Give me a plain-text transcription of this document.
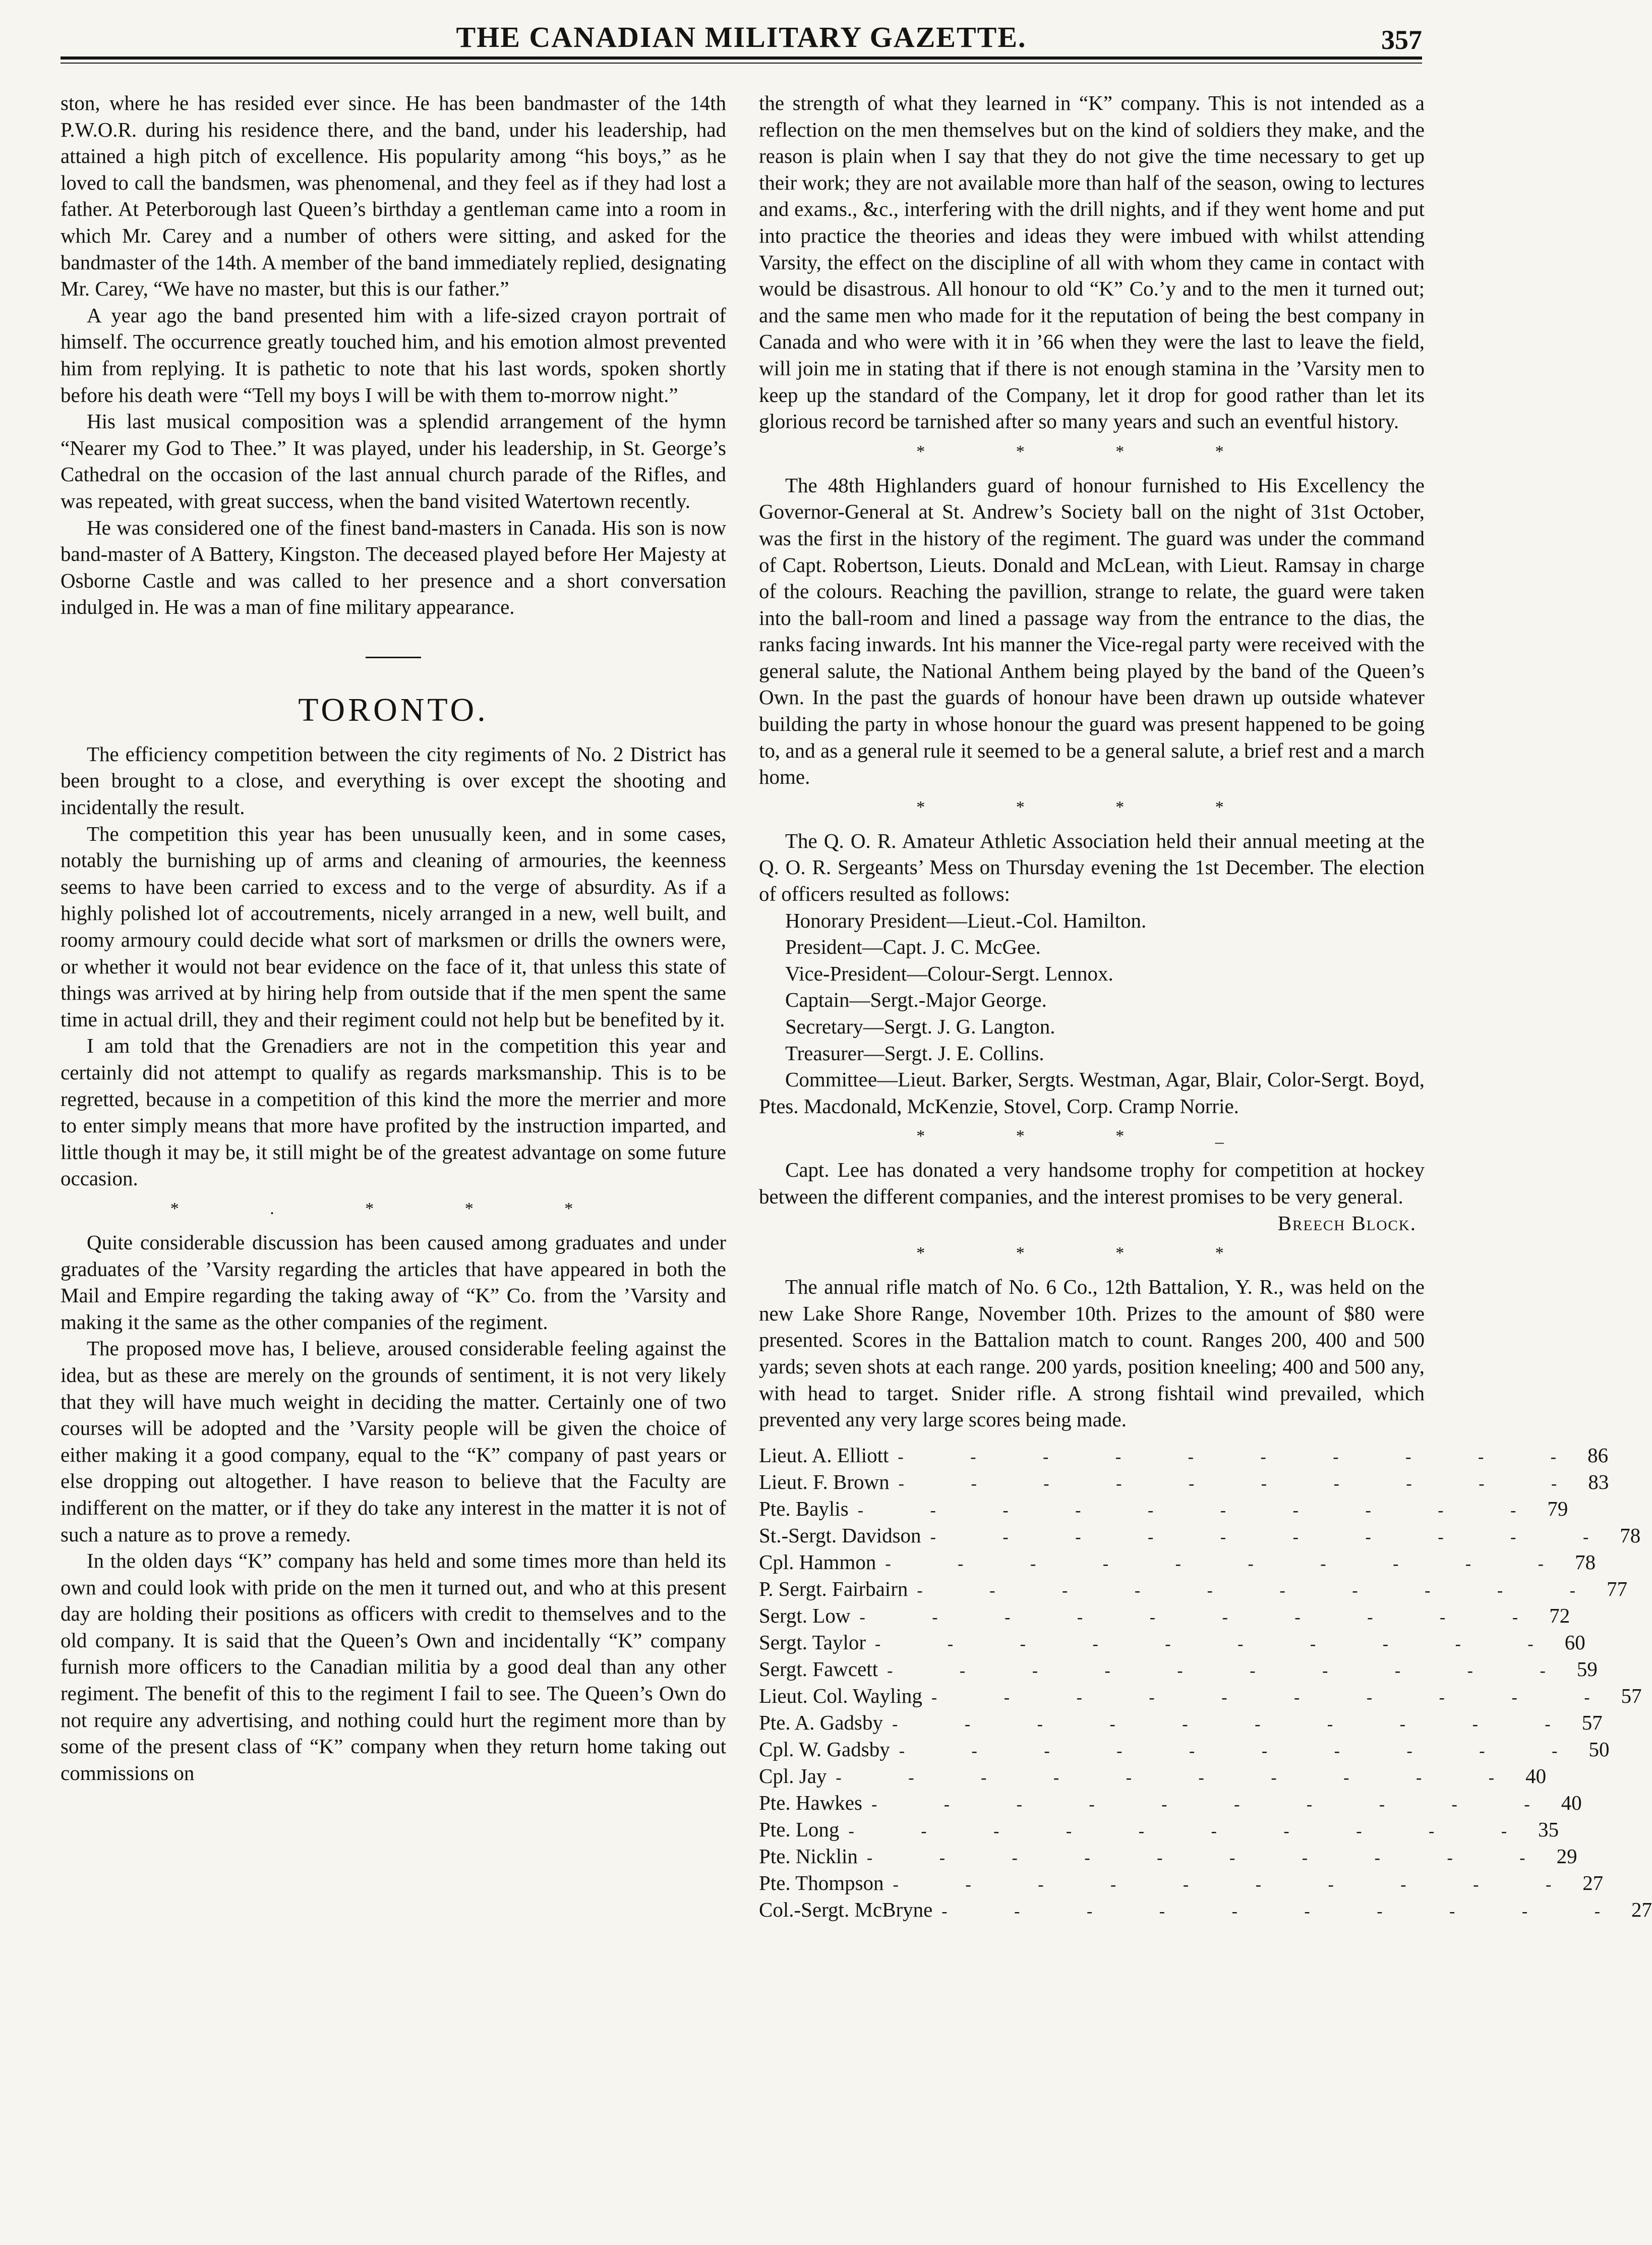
THE CANADIAN MILITARY GAZETTE.	357

ston, where he has resided ever since. He has been bandmaster of the 14th P.W.O.R. during his residence there, and the band, under his leadership, had attained a high pitch of excellence. His popularity among “his boys,” as he loved to call the bandsmen, was phenomenal, and they feel as if they had lost a father. At Peterborough last Queen’s birthday a gentleman came into a room in which Mr. Carey and a number of others were sitting, and asked for the bandmaster of the 14th. A member of the band immediately replied, designating Mr. Carey, “We have no master, but this is our father.”

A year ago the band presented him with a life-sized crayon portrait of himself. The occurrence greatly touched him, and his emotion almost prevented him from replying. It is pathetic to note that his last words, spoken shortly before his death were “Tell my boys I will be with them to-morrow night.”

His last musical composition was a splendid arrangement of the hymn “Nearer my God to Thee.” It was played, under his leadership, in St. George’s Cathedral on the occasion of the last annual church parade of the Rifles, and was repeated, with great success, when the band visited Watertown recently.

He was considered one of the finest band-masters in Canada. His son is now band-master of A Battery, Kingston. The deceased played before Her Majesty at Osborne Castle and was called to her presence and a short conversation indulged in. He was a man of fine military appearance.

TORONTO.

The efficiency competition between the city regiments of No. 2 District has been brought to a close, and everything is over except the shooting and incidentally the result.

The competition this year has been unusually keen, and in some cases, notably the burnishing up of arms and cleaning of armouries, the keenness seems to have been carried to excess and to the verge of absurdity. As if a highly polished lot of accoutrements, nicely arranged in a new, well built, and roomy armoury could decide what sort of marksmen or drills the owners were, or whether it would not bear evidence on the face of it, that unless this state of things was arrived at by hiring help from outside that if the men spent the same time in actual drill, they and their regiment could not help but be benefited by it.

I am told that the Grenadiers are not in the competition this year and certainly did not attempt to qualify as regards marksmanship. This is to be regretted, because in a competition of this kind the more the merrier and more to enter simply means that more have profited by the instruction imparted, and little though it may be, it still might be of the greatest advantage on some future occasion.

* . * * *

Quite considerable discussion has been caused among graduates and under graduates of the ’Varsity regarding the articles that have appeared in both the Mail and Empire regarding the taking away of “K” Co. from the ’Varsity and making it the same as the other companies of the regiment.

The proposed move has, I believe, aroused considerable feeling against the idea, but as these are merely on the grounds of sentiment, it is not very likely that they will have much weight in deciding the matter. Certainly one of two courses will be adopted and the ’Varsity people will be given the choice of either making it a good company, equal to the “K” company of past years or else dropping out altogether. I have reason to believe that the Faculty are indifferent on the matter, or if they do take any interest in the matter it is not of such a nature as to prove a remedy.

In the olden days “K” company has held and some times more than held its own and could look with pride on the men it turned out, and who at this present day are holding their positions as officers with credit to themselves and to the old company. It is said that the Queen’s Own and incidentally “K” company furnish more officers to the Canadian militia by a good deal than any other regiment. The benefit of this to the regiment I fail to see. The Queen’s Own do not require any advertising, and nothing could hurt the regiment more than by some of the present class of “K” company when they return home taking out commissions on

the strength of what they learned in “K” company. This is not intended as a reflection on the men themselves but on the kind of soldiers they make, and the reason is plain when I say that they do not give the time necessary to get up their work; they are not available more than half of the season, owing to lectures and exams., &c., interfering with the drill nights, and if they went home and put into practice the theories and ideas they were imbued with whilst attending Varsity, the effect on the discipline of all with whom they came in contact with would be disastrous. All honour to old “K” Co.’y and to the men it turned out; and the same men who made for it the reputation of being the best company in Canada and who were with it in ’66 when they were the last to leave the field, will join me in stating that if there is not enough stamina in the ’Varsity men to keep up the standard of the Company, let it drop for good rather than let its glorious record be tarnished after so many years and such an eventful history.

* * * *

The 48th Highlanders guard of honour furnished to His Excellency the Governor-General at St. Andrew’s Society ball on the night of 31st October, was the first in the history of the regiment. The guard was under the command of Capt. Robertson, Lieuts. Donald and McLean, with Lieut. Ramsay in charge of the colours. Reaching the pavillion, strange to relate, the guard were taken into the ball-room and lined a passage way from the entrance to the dias, the ranks facing inwards. Int his manner the Vice-regal party were received with the general salute, the National Anthem being played by the band of the Queen’s Own. In the past the guards of honour have been drawn up outside whatever building the party in whose honour the guard was present happened to be going to, and as a general rule it seemed to be a general salute, a brief rest and a march home.

* * * *

The Q. O. R. Amateur Athletic Association held their annual meeting at the Q. O. R. Sergeants’ Mess on Thursday evening the 1st December. The election of officers resulted as follows:

Honorary President—Lieut.-Col. Hamilton.

President—Capt. J. C. McGee.

Vice-President—Colour-Sergt. Lennox.

Captain—Sergt.-Major George.

Secretary—Sergt. J. G. Langton.

Treasurer—Sergt. J. E. Collins.

Committee—Lieut. Barker, Sergts. Westman, Agar, Blair, Color-Sergt. Boyd, Ptes. Macdonald, McKenzie, Stovel, Corp. Cramp Norrie.

* * * _

Capt. Lee has donated a very handsome trophy for competition at hockey between the different companies, and the interest promises to be very general.

Breech Block.

* * * *

The annual rifle match of No. 6 Co., 12th Battalion, Y. R., was held on the new Lake Shore Range, November 10th. Prizes to the amount of $80 were presented. Scores in the Battalion match to count. Ranges 200, 400 and 500 yards; seven shots at each range. 200 yards, position kneeling; 400 and 500 any, with head to target. Snider rifle. A strong fishtail wind prevailed, which prevented any very large scores being made.

Lieut. A. Elliott - - - - - - - - - - 86
Lieut. F. Brown - - - - - - - - - - 83
Pte. Baylis - - - - - - - - - - 79
St.-Sergt. Davidson - - - - - - - - - - 78
Cpl. Hammon - - - - - - - - - - 78
P. Sergt. Fairbairn - - - - - - - - - - 77
Sergt. Low - - - - - - - - - - 72
Sergt. Taylor - - - - - - - - - - 60
Sergt. Fawcett - - - - - - - - - - 59
Lieut. Col. Wayling - - - - - - - - - - 57
Pte. A. Gadsby - - - - - - - - - - 57
Cpl. W. Gadsby - - - - - - - - - - 50
Cpl. Jay - - - - - - - - - - 40
Pte. Hawkes - - - - - - - - - - 40
Pte. Long - - - - - - - - - - 35
Pte. Nicklin - - - - - - - - - - 29
Pte. Thompson - - - - - - - - - - 27
Col.-Sergt. McBryne - - - - - - - - - - 27
